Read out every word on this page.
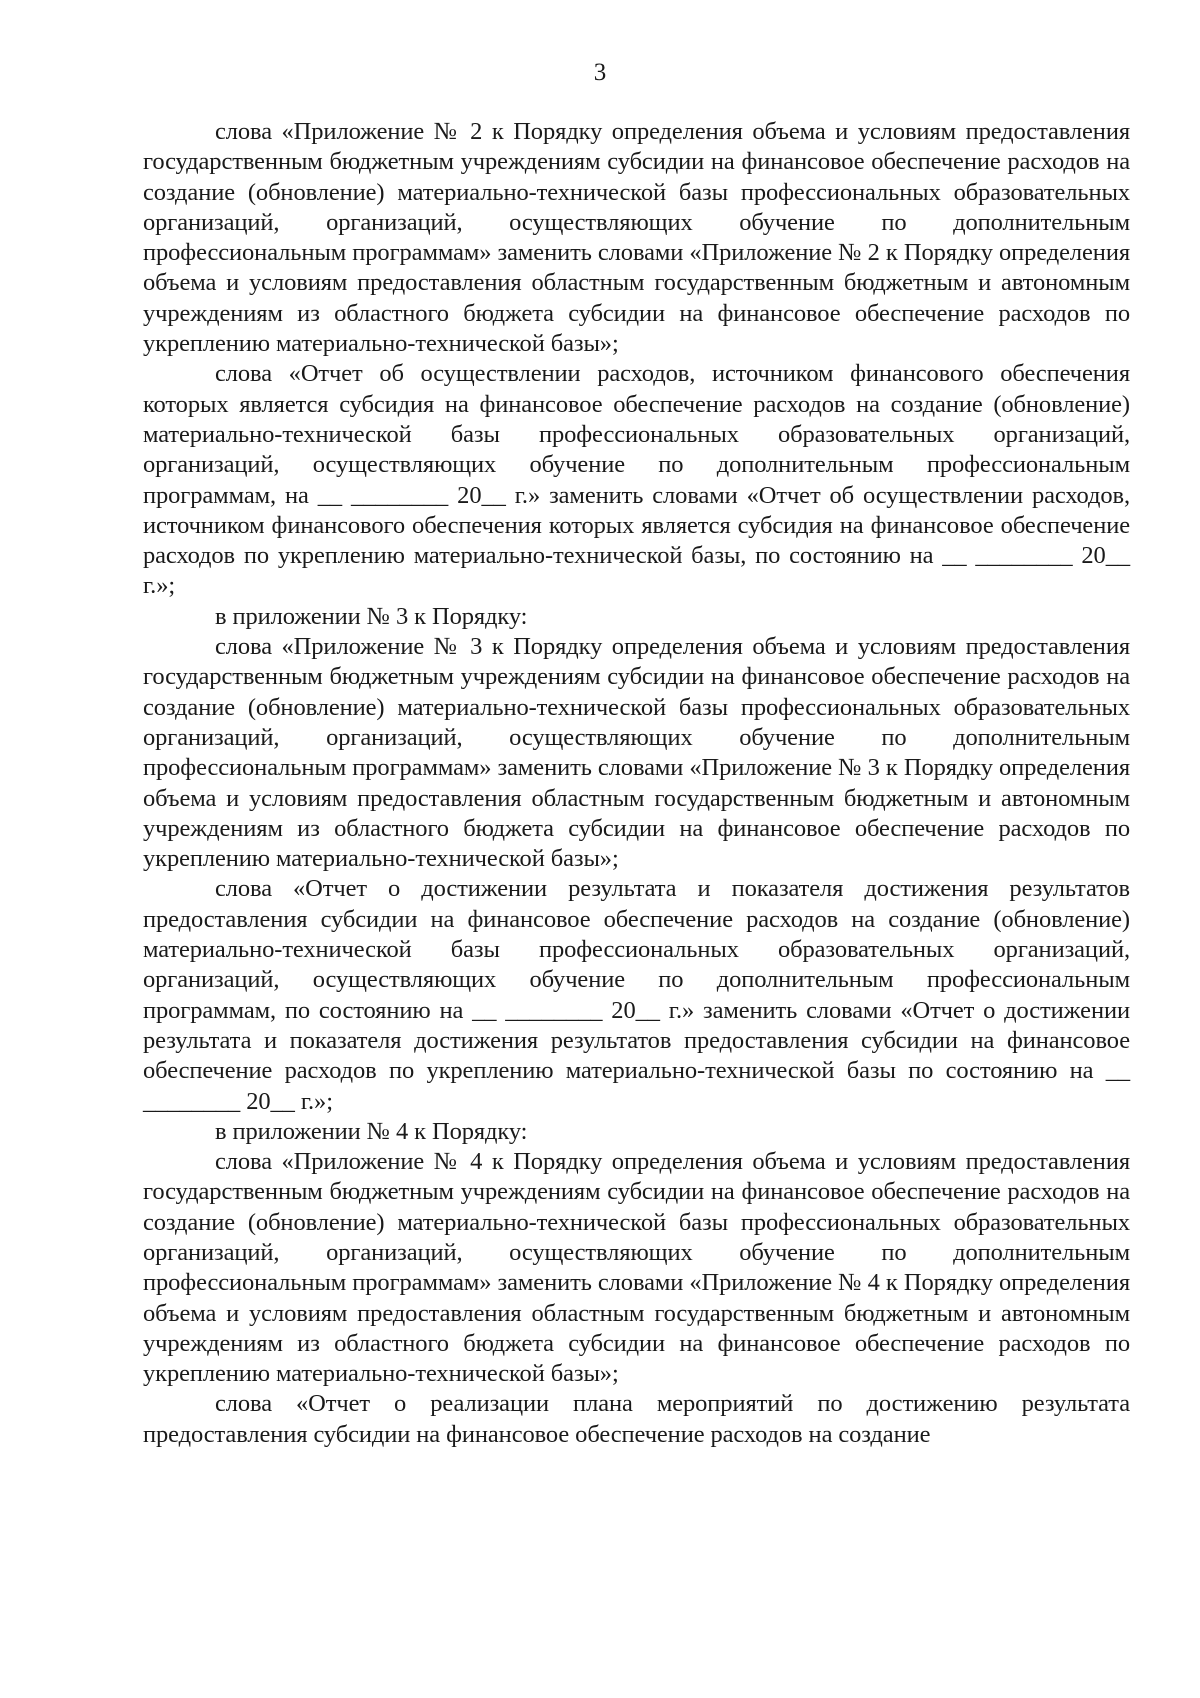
3

слова «Приложение № 2 к Порядку определения объема и условиям предоставления государственным бюджетным учреждениям субсидии на финансовое обеспечение расходов на создание (обновление) материально-технической базы профессиональных образовательных организаций, организаций, осуществляющих обучение по дополнительным профессиональным программам» заменить словами «Приложение № 2 к Порядку определения объема и условиям предоставления областным государственным бюджетным и автономным учреждениям из областного бюджета субсидии на финансовое обеспечение расходов по укреплению материально-технической базы»;

слова «Отчет об осуществлении расходов, источником финансового обеспечения которых является субсидия на финансовое обеспечение расходов на создание (обновление) материально-технической базы профессиональных образовательных организаций, организаций, осуществляющих обучение по дополнительным профессиональным программам, на __ ________ 20__ г.» заменить словами «Отчет об осуществлении расходов, источником финансового обеспечения которых является субсидия на финансовое обеспечение расходов по укреплению материально-технической базы, по состоянию на __ ________ 20__ г.»;

в приложении № 3 к Порядку:

слова «Приложение № 3 к Порядку определения объема и условиям предоставления государственным бюджетным учреждениям субсидии на финансовое обеспечение расходов на создание (обновление) материально-технической базы профессиональных образовательных организаций, организаций, осуществляющих обучение по дополнительным профессиональным программам» заменить словами «Приложение № 3 к Порядку определения объема и условиям предоставления областным государственным бюджетным и автономным учреждениям из областного бюджета субсидии на финансовое обеспечение расходов по укреплению материально-технической базы»;

слова «Отчет о достижении результата и показателя достижения результатов предоставления субсидии на финансовое обеспечение расходов на создание (обновление) материально-технической базы профессиональных образовательных организаций, организаций, осуществляющих обучение по дополнительным профессиональным программам, по состоянию на __ ________ 20__ г.» заменить словами «Отчет о достижении результата и показателя достижения результатов предоставления субсидии на финансовое обеспечение расходов по укреплению материально-технической базы по состоянию на __ ________ 20__ г.»;

в приложении № 4 к Порядку:

слова «Приложение № 4 к Порядку определения объема и условиям предоставления государственным бюджетным учреждениям субсидии на финансовое обеспечение расходов на создание (обновление) материально-технической базы профессиональных образовательных организаций, организаций, осуществляющих обучение по дополнительным профессиональным программам» заменить словами «Приложение № 4 к Порядку определения объема и условиям предоставления областным государственным бюджетным и автономным учреждениям из областного бюджета субсидии на финансовое обеспечение расходов по укреплению материально-технической базы»;

слова «Отчет о реализации плана мероприятий по достижению результата предоставления субсидии на финансовое обеспечение расходов на создание
